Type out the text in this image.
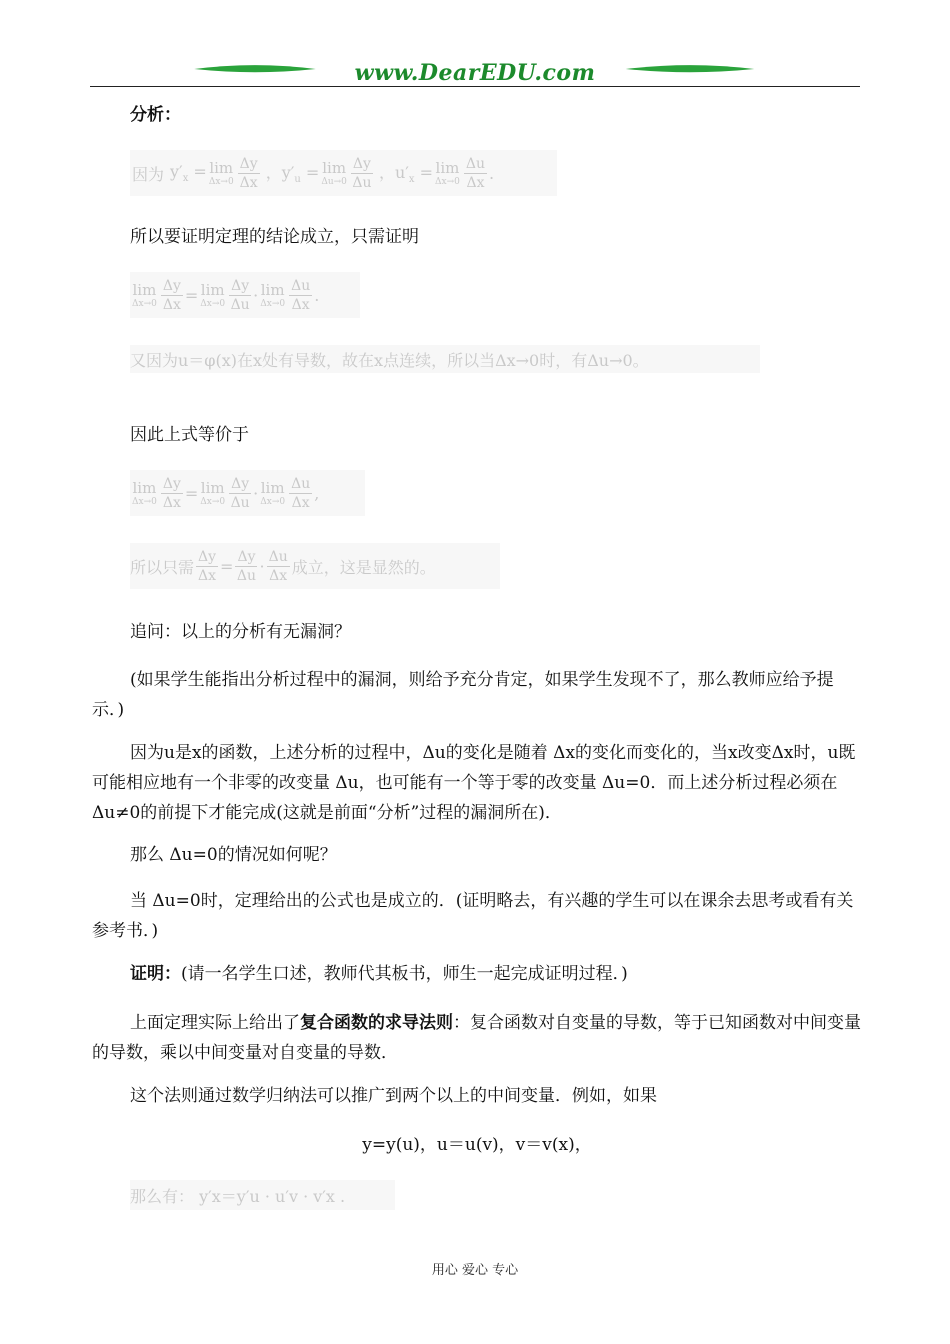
www.DearEDU.com
分析：
因为 $y'_x = \lim$
$\Delta x\to 0 \frac{\Delta y}{\Delta x}$ ，$y'_u = \lim$
$\Delta u\to 0 \frac{\Delta y}{\Delta u}$ ，$u'_x = \lim$
$\Delta x\to 0 \frac{\Delta u}{\Delta x}$ .
所以要证明定理的结论成立，只需证明
lim
$\Delta x\to 0 \frac{\Delta y}{\Delta x} = \lim$
$\Delta x\to 0 \frac{\Delta y}{\Delta u} \cdot \lim$
$\Delta x\to 0 \frac{\Delta u}{\Delta x}$ .
又因为u＝φ(x)在x处有导数，故在x点连续，所以当Δx→0时，有Δu→0。
因此上式等价于
lim
$\Delta x\to 0 \frac{\Delta y}{\Delta x} = \lim$
$\Delta x\to 0 \frac{\Delta y}{\Delta u} \cdot \lim$
$\Delta x\to 0 \frac{\Delta u}{\Delta x}$ ,
所以只需 $\frac{\Delta y}{\Delta x} = \frac{\Delta y}{\Delta u} \cdot \frac{\Delta u}{\Delta x}$ 成立，这是显然的。
追问：以上的分析有无漏洞？
(如果学生能指出分析过程中的漏洞，则给予充分肯定，如果学生发现不了，那么教师应给予提示．)
因为u是x的函数，上述分析的过程中，Δu的变化是随着 Δx的变化而变化的，当x改变Δx时，u既可能相应地有一个非零的改变量 Δu，也可能有一个等于零的改变量 Δu=0．而上述分析过程必须在 Δu≠0的前提下才能完成(这就是前面“分析”过程的漏洞所在)．
那么 Δu=0的情况如何呢？
当 Δu=0时，定理给出的公式也是成立的．(证明略去，有兴趣的学生可以在课余去思考或看有关参考书．)
证明：(请一名学生口述，教师代其板书，师生一起完成证明过程．)
上面定理实际上给出了复合函数的求导法则：复合函数对自变量的导数，等于已知函数对中间变量的导数，乘以中间变量对自变量的导数．
这个法则通过数学归纳法可以推广到两个以上的中间变量．例如，如果
y=y(u)，u＝u(v)，v＝v(x)，
那么有： y′x＝y′u · u′v · v′x .
用心 爱心 专心
